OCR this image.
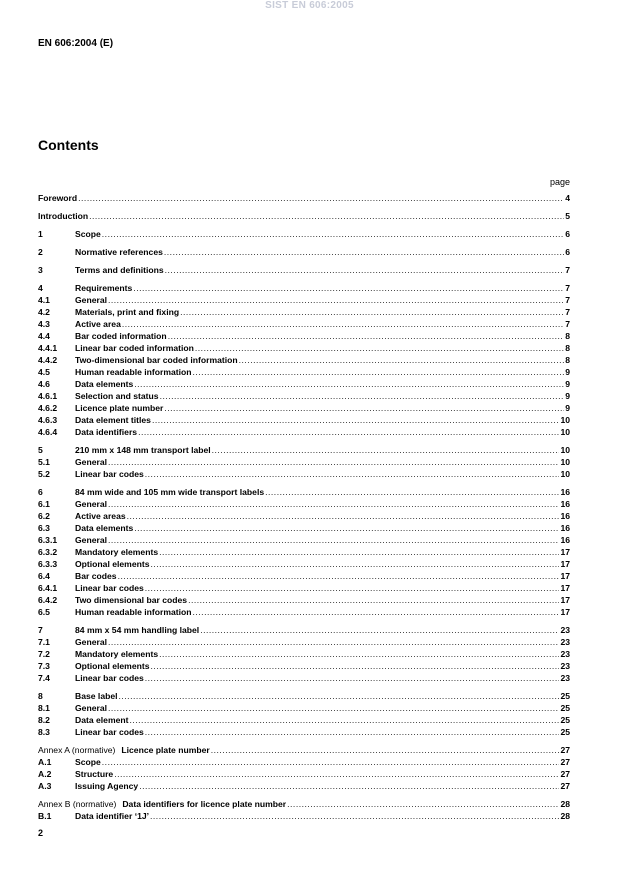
SIST EN 606:2005
EN 606:2004 (E)
Contents
page
Foreword .....	4
Introduction .....	5
1	Scope .....	6
2	Normative references .....	6
3	Terms and definitions .....	7
4	Requirements .....	7
4.1	General .....	7
4.2	Materials, print and fixing .....	7
4.3	Active area .....	7
4.4	Bar coded information .....	8
4.4.1	Linear bar coded information .....	8
4.4.2	Two-dimensional bar coded information .....	8
4.5	Human readable information .....	9
4.6	Data elements .....	9
4.6.1	Selection and status .....	9
4.6.2	Licence plate number .....	9
4.6.3	Data element titles .....	10
4.6.4	Data identifiers .....	10
5	210 mm x 148 mm transport label .....	10
5.1	General .....	10
5.2	Linear bar codes .....	10
6	84 mm wide and 105 mm wide transport labels .....	16
6.1	General .....	16
6.2	Active areas .....	16
6.3	Data elements .....	16
6.3.1	General .....	16
6.3.2	Mandatory elements .....	17
6.3.3	Optional elements .....	17
6.4	Bar codes .....	17
6.4.1	Linear bar codes .....	17
6.4.2	Two dimensional bar codes .....	17
6.5	Human readable information .....	17
7	84 mm x 54 mm handling label .....	23
7.1	General .....	23
7.2	Mandatory elements .....	23
7.3	Optional elements .....	23
7.4	Linear bar codes .....	23
8	Base label .....	25
8.1	General .....	25
8.2	Data element .....	25
8.3	Linear bar codes .....	25
Annex A (normative) Licence plate number .....	27
A.1	Scope .....	27
A.2	Structure .....	27
A.3	Issuing Agency .....	27
Annex B (normative) Data identifiers for licence plate number .....	28
B.1	Data identifier ‘1J’ .....	28
2
